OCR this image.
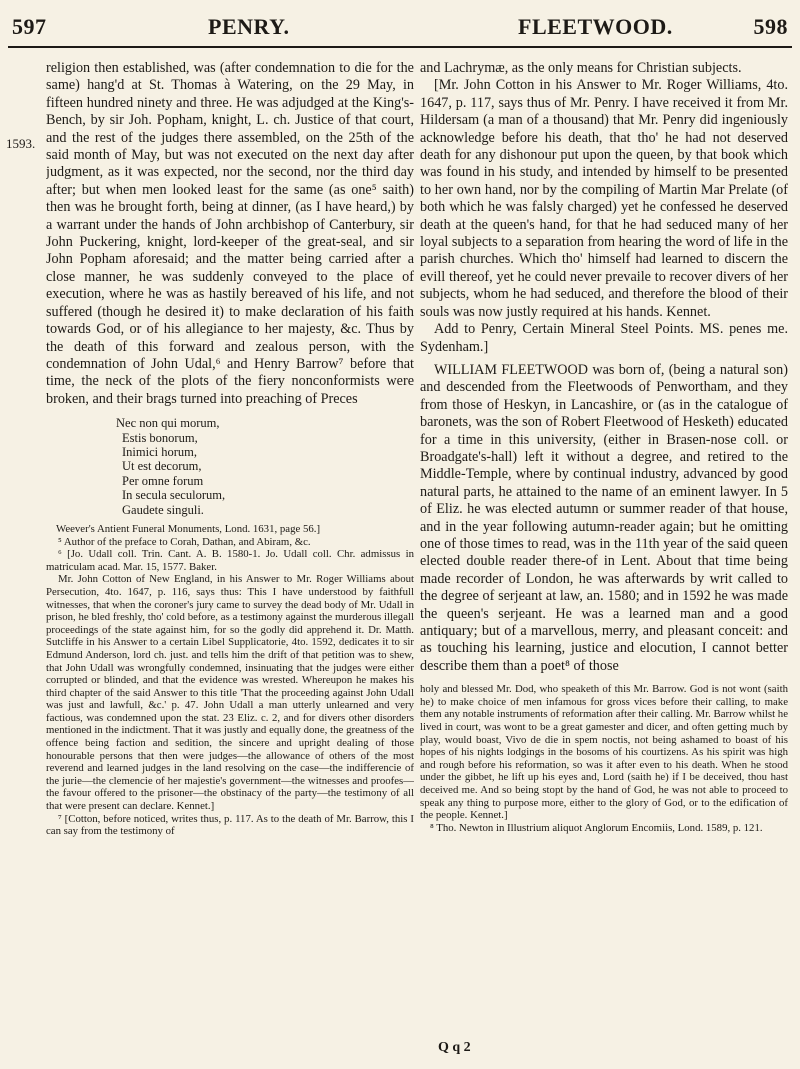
597	PENRY.	FLEETWOOD.	598
1593.

religion then established, was (after condemnation to die for the same) hang'd at St. Thomas à Watering, on the 29 May, in fifteen hundred ninety and three. He was adjudged at the King's-Bench, by sir Joh. Popham, knight, L. ch. Justice of that court, and the rest of the judges there assembled, on the 25th of the said month of May, but was not executed on the next day after judgment, as it was expected, nor the second, nor the third day after; but when men looked least for the same (as one⁵ saith) then was he brought forth, being at dinner, (as I have heard,) by a warrant under the hands of John archbishop of Canterbury, sir John Puckering, knight, lord-keeper of the great-seal, and sir John Popham aforesaid; and the matter being carried after a close manner, he was suddenly conveyed to the place of execution, where he was as hastily bereaved of his life, and not suffered (though he desired it) to make declaration of his faith towards God, or of his allegiance to her majesty, &c. Thus by the death of this forward and zealous person, with the condemnation of John Udal,⁶ and Henry Barrow⁷ before that time, the neck of the plots of the fiery nonconformists were broken, and their brags turned into preaching of Preces

Nec non qui morum,
Estis bonorum,
Inimici horum,
Ut est decorum,
Per omne forum
In secula seculorum,
Gaudete singuli.

Weever's Antient Funeral Monuments, Lond. 1631, page 56.]

⁵ Author of the preface to Corah, Dathan, and Abiram, &c.

⁶ [Jo. Udall coll. Trin. Cant. A. B. 1580-1. Jo. Udall coll. Chr. admissus in matriculam acad. Mar. 15, 1577. Baker.

Mr. John Cotton of New England, in his Answer to Mr. Roger Williams about Persecution, 4to. 1647, p. 116, says thus: This I have understood by faithfull witnesses, that when the coroner's jury came to survey the dead body of Mr. Udall in prison, he bled freshly, tho' cold before, as a testimony against the murderous illegall proceedings of the state against him, for so the godly did apprehend it. Dr. Matth. Sutcliffe in his Answer to a certain Libel Supplicatorie, 4to. 1592, dedicates it to sir Edmund Anderson, lord ch. just. and tells him the drift of that petition was to shew, that John Udall was wrongfully condemned, insinuating that the judges were either corrupted or blinded, and that the evidence was wrested. Whereupon he makes his third chapter of the said Answer to this title 'That the proceeding against John Udall was just and lawfull, &c.' p. 47. John Udall a man utterly unlearned and very factious, was condemned upon the stat. 23 Eliz. c. 2, and for divers other disorders mentioned in the indictment. That it was justly and equally done, the greatness of the offence being faction and sedition, the sincere and upright dealing of those honourable persons that then were judges—the allowance of others of the most reverend and learned judges in the land resolving on the case—the indifferencie of the jurie—the clemencie of her majestie's government—the witnesses and proofes—the favour offered to the prisoner—the obstinacy of the party—the testimony of all that were present can declare. Kennet.]

⁷ [Cotton, before noticed, writes thus, p. 117. As to the death of Mr. Barrow, this I can say from the testimony of

and Lachrymæ, as the only means for Christian subjects.

[Mr. John Cotton in his Answer to Mr. Roger Williams, 4to. 1647, p. 117, says thus of Mr. Penry. I have received it from Mr. Hildersam (a man of a thousand) that Mr. Penry did ingeniously acknowledge before his death, that tho' he had not deserved death for any dishonour put upon the queen, by that book which was found in his study, and intended by himself to be presented to her own hand, nor by the compiling of Martin Mar Prelate (of both which he was falsly charged) yet he confessed he deserved death at the queen's hand, for that he had seduced many of her loyal subjects to a separation from hearing the word of life in the parish churches. Which tho' himself had learned to discern the evill thereof, yet he could never prevaile to recover divers of her subjects, whom he had seduced, and therefore the blood of their souls was now justly required at his hands. Kennet.

Add to Penry, Certain Mineral Steel Points. MS. penes me. Sydenham.]

WILLIAM FLEETWOOD was born of, (being a natural son) and descended from the Fleetwoods of Penwortham, and they from those of Heskyn, in Lancashire, or (as in the catalogue of baronets, was the son of Robert Fleetwood of Hesketh) educated for a time in this university, (either in Brasen-nose coll. or Broadgate's-hall) left it without a degree, and retired to the Middle-Temple, where by continual industry, advanced by good natural parts, he attained to the name of an eminent lawyer. In 5 of Eliz. he was elected autumn or summer reader of that house, and in the year following autumn-reader again; but he omitting one of those times to read, was in the 11th year of the said queen elected double reader there-of in Lent. About that time being made recorder of London, he was afterwards by writ called to the degree of serjeant at law, an. 1580; and in 1592 he was made the queen's serjeant. He was a learned man and a good antiquary; but of a marvellous, merry, and pleasant conceit: and as touching his learning, justice and elocution, I cannot better describe them than a poet⁸ of those

holy and blessed Mr. Dod, who speaketh of this Mr. Barrow. God is not wont (saith he) to make choice of men infamous for gross vices before their calling, to make them any notable instruments of reformation after their calling. Mr. Barrow whilst he lived in court, was wont to be a great gamester and dicer, and often getting much by play, would boast, Vivo de die in spem noctis, not being ashamed to boast of his hopes of his nights lodgings in the bosoms of his courtizens. As his spirit was high and rough before his reformation, so was it after even to his death. When he stood under the gibbet, he lift up his eyes and, Lord (saith he) if I be deceived, thou hast deceived me. And so being stopt by the hand of God, he was not able to proceed to speak any thing to purpose more, either to the glory of God, or to the edification of the people. Kennet.]

⁸ Tho. Newton in Illustrium aliquot Anglorum Encomiis, Lond. 1589, p. 121.

Q q 2
